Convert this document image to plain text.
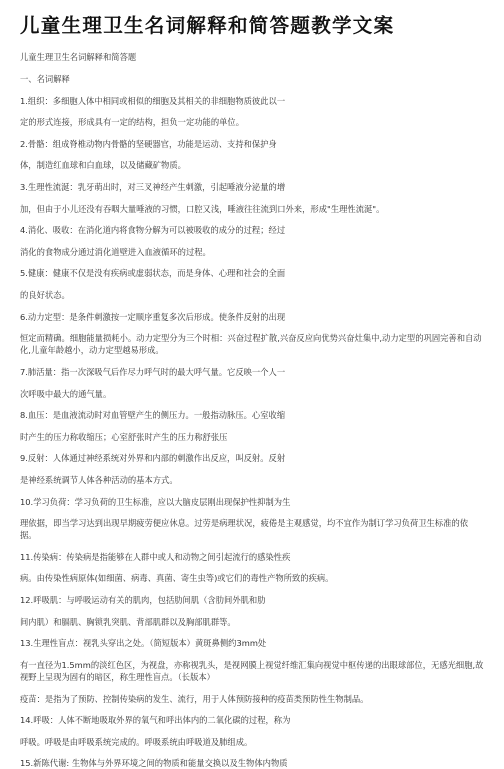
儿童生理卫生名词解释和简答题教学文案

儿童生理卫生名词解释和简答题

一、名词解释

1.组织：多细胞人体中相同或相似的细胞及其相关的非细胞物质彼此以一

定的形式连接，形成具有一定的结构，担负一定功能的单位。

2.骨骼：组成脊椎动物内骨骼的坚硬器官，功能是运动、支持和保护身

体，制造红血球和白血球，以及储藏矿物质。

3.生理性流涎：乳牙萌出时，对三叉神经产生刺激，引起唾液分泌量的增

加，但由于小儿还没有吞咽大量唾液的习惯，口腔又浅，唾液往往流到口外来，形成"生理性流涎"。

4.消化、吸收：在消化道内将食物分解为可以被吸收的成分的过程；经过

消化的食物成分通过消化道壁进入血液循环的过程。

5.健康：健康不仅是没有疾病或虚弱状态，而是身体、心理和社会的全面

的良好状态。

6.动力定型：是条件刺激按一定顺序重复多次后形成。使条件反射的出现

恒定而精确。细胞能量损耗小。动力定型分为三个时相：兴奋过程扩散,兴奋反应向优势兴奋灶集中,动力定型的巩固完善和自动化,儿童年龄越小，动力定型越易形成。

7.肺活量：指一次深吸气后作尽力呼气时的最大呼气量。它反映一个人一

次呼吸中最大的通气量。

8.血压：是血液流动时对血管壁产生的侧压力。一般指动脉压。心室收缩

时产生的压力称收缩压；心室舒张时产生的压力称舒张压

9.反射：人体通过神经系统对外界和内部的刺激作出反应，叫反射。反射

是神经系统调节人体各种活动的基本方式。

10.学习负荷：学习负荷的卫生标准，应以大脑皮层刚出现保护性抑制为生

理依据，即当学习达到出现早期疲劳便应休息。过劳是病理状况，疲倦是主观感觉，均不宜作为制订学习负荷卫生标准的依据。

11.传染病：传染病是指能够在人群中或人和动物之间引起流行的感染性疾

病。由传染性病原体(如细菌、病毒、真菌、寄生虫等)或它们的毒性产物所致的疾病。

12.呼吸肌：与呼吸运动有关的肌肉，包括肋间肌（含肋间外肌和肋

间内肌）和膈肌、胸锁乳突肌、背部肌群以及胸部肌群等。

13.生理性盲点：视乳头穿出之处。（简短版本）黄斑鼻侧约3mm处

有一直径为1.5mm的淡红色区，为视盘，亦称视乳头，是视网膜上视觉纤维汇集向视觉中枢传递的出眼球部位，无感光细胞,故视野上呈现为固有的暗区，称生理性盲点。（长版本）

疫苗：是指为了预防、控制传染病的发生、流行，用于人体预防接种的疫苗类预防性生物制品。

14.呼吸：人体不断地吸取外界的氧气和呼出体内的二氧化碳的过程，称为

呼吸。呼吸是由呼吸系统完成的。呼吸系统由呼吸道及肺组成。

15.新陈代谢: 生物体与外界环境之间的物质和能量交换以及生物体内物质
